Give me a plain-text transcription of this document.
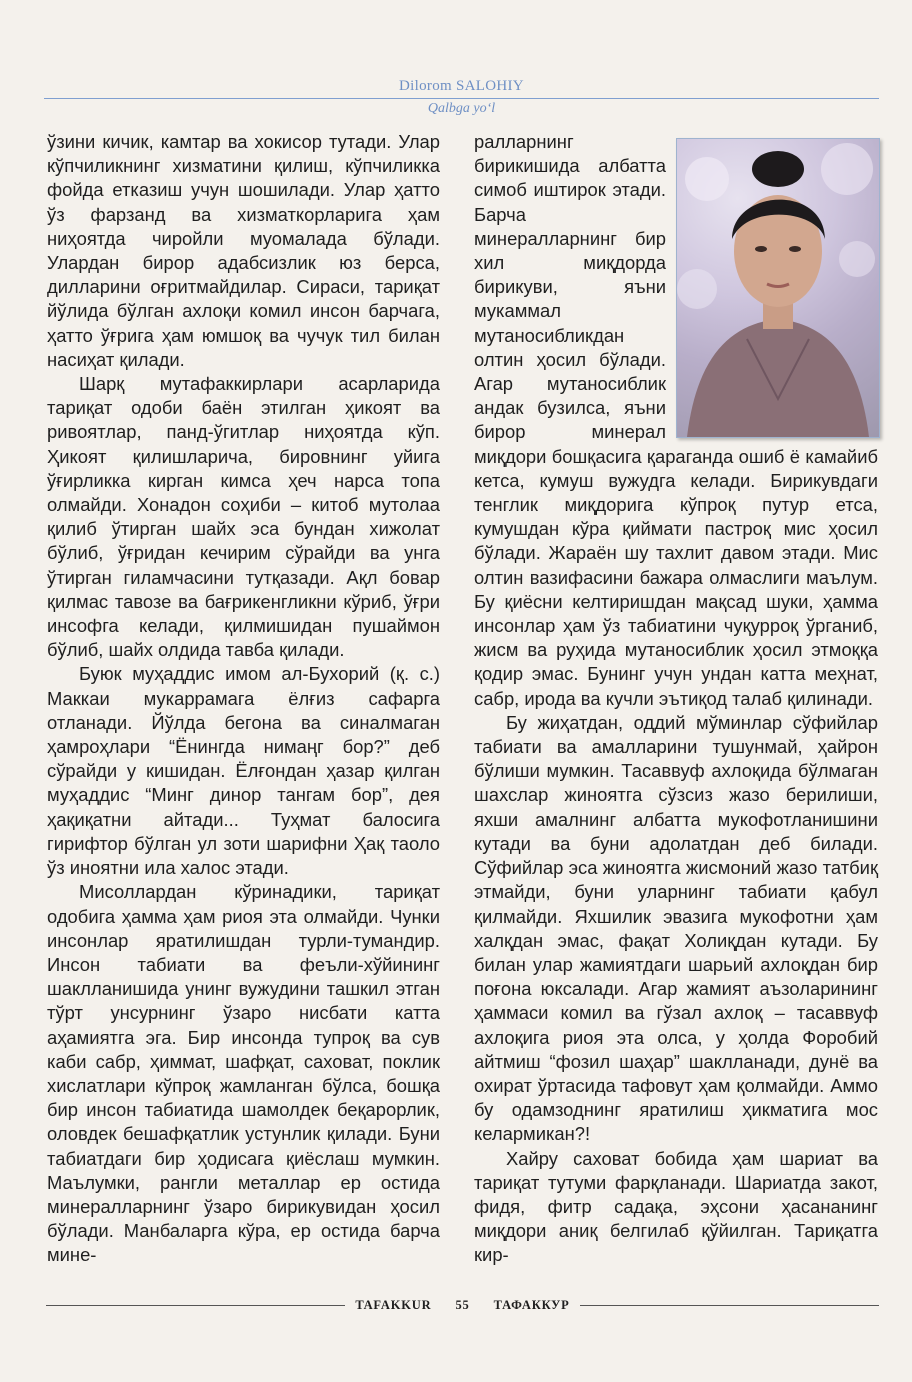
Dilorom SALOHIY
Qalbga yo‘l

ўзини кичик, камтар ва хокисор тутади. Улар кўпчиликнинг хизматини қилиш, кўпчиликка фойда етказиш учун шошилади. Улар ҳатто ўз фарзанд ва хизматкорларига ҳам ниҳоятда чиройли муомалада бўлади. Улардан бирор адабсизлик юз берса, дилларини оғритмайдилар. Сираси, тариқат йўлида бўлган ахлоқи комил инсон барчага, ҳатто ўғрига ҳам юмшоқ ва чучук тил билан насиҳат қилади.

Шарқ мутафаккирлари асарларида тариқат одоби баён этилган ҳикоят ва ривоятлар, панд-ўгитлар ниҳоятда кўп. Ҳикоят қилишларича, бировнинг уйига ўғирликка кирган кимса ҳеч нарса топа олмайди. Хонадон соҳиби – китоб мутолаа қилиб ўтирган шайх эса бундан хижолат бўлиб, ўғридан кечирим сўрайди ва унга ўтирган гиламчасини тутқазади. Ақл бовар қилмас тавозе ва бағрикенгликни кўриб, ўғри инсофга келади, қилмишидан пушаймон бўлиб, шайх олдида тавба қилади.

Буюк муҳаддис имом ал-Бухорий (қ. с.) Маккаи мукаррамага ёлғиз сафарга отланади. Йўлда бегона ва синалмаган ҳамроҳлари “Ёнингда нимаңг бор?” деб сўрайди у кишидан. Ёлғондан ҳазар қилган муҳаддис “Минг динор тангам бор”, дея ҳақиқатни айтади... Туҳмат балосига гирифтор бўлган ул зоти шарифни Ҳақ таоло ўз иноятни ила халос этади.

Мисоллардан кўринадики, тариқат одобига ҳамма ҳам риоя эта олмайди. Чунки инсонлар яратилишдан турли-тумандир. Инсон табиати ва феъли-хўйининг шаклланишида унинг вужудини ташкил этган тўрт унсурнинг ўзаро нисбати катта аҳамиятга эга. Бир инсонда тупроқ ва сув каби сабр, ҳиммат, шафқат, саховат, поклик хислатлари кўпроқ жамланган бўлса, бошқа бир инсон табиатида шамолдек беқарорлик, оловдек бешафқатлик устунлик қилади. Буни табиатдаги бир ҳодисага қиёслаш мумкин. Маълумки, рангли металлар ер остида минералларнинг ўзаро бирикувидан ҳосил бўлади. Манбаларга кўра, ер остида барча мине-

ралларнинг бирикишида албатта симоб иштирок этади. Барча минералларнинг бир хил миқдорда бирикуви, яъни мукаммал мутаносибликдан олтин ҳосил бўлади. Агар мутаносиблик андак бузилса, яъни бирор минерал миқдори бошқасига қараганда ошиб ё камайиб кетса, кумуш вужудга келади. Бирикувдаги тенглик миқдорига кўпроқ путур етса, кумушдан кўра қиймати пастроқ мис ҳосил бўлади. Жараён шу тахлит давом этади. Мис олтин вазифасини бажара олмаслиги маълум. Бу қиёсни келтиришдан мақсад шуки, ҳамма инсонлар ҳам ўз табиатини чуқурроқ ўрганиб, жисм ва руҳида мутаносиблик ҳосил этмоққа қодир эмас. Бунинг учун ундан катта меҳнат, сабр, ирода ва кучли эътиқод талаб қилинади.

Бу жиҳатдан, оддий мўминлар сўфийлар табиати ва амалларини тушунмай, ҳайрон бўлиши мумкин. Тасаввуф ахлоқида бўлмаган шахслар жиноятга сўзсиз жазо берилиши, яхши амалнинг албатта мукофотланишини кутади ва буни адолатдан деб билади. Сўфийлар эса жиноятга жисмоний жазо татбиқ этмайди, буни уларнинг табиати қабул қилмайди. Яхшилик эвазига мукофотни ҳам халқдан эмас, фақат Холиқдан кутади. Бу билан улар жамиятдаги шарьий ахлоқдан бир поғона юксалади. Агар жамият аъзоларининг ҳаммаси комил ва гўзал ахлоқ – тасаввуф ахлоқига риоя эта олса, у ҳолда Форобий айтмиш “фозил шаҳар” шаклланади, дунё ва охират ўртасида тафовут ҳам қолмайди. Аммо бу одамзоднинг яратилиш ҳикматига мос келармикан?!

Хайру саховат бобида ҳам шариат ва тариқат тутуми фарқланади. Шариатда закот, фидя, фитр садақа, эҳсони ҳасананинг миқдори аниқ белгилаб қўйилган. Тариқатга кир-

TAFAKKUR	55	ТАФАККУР
